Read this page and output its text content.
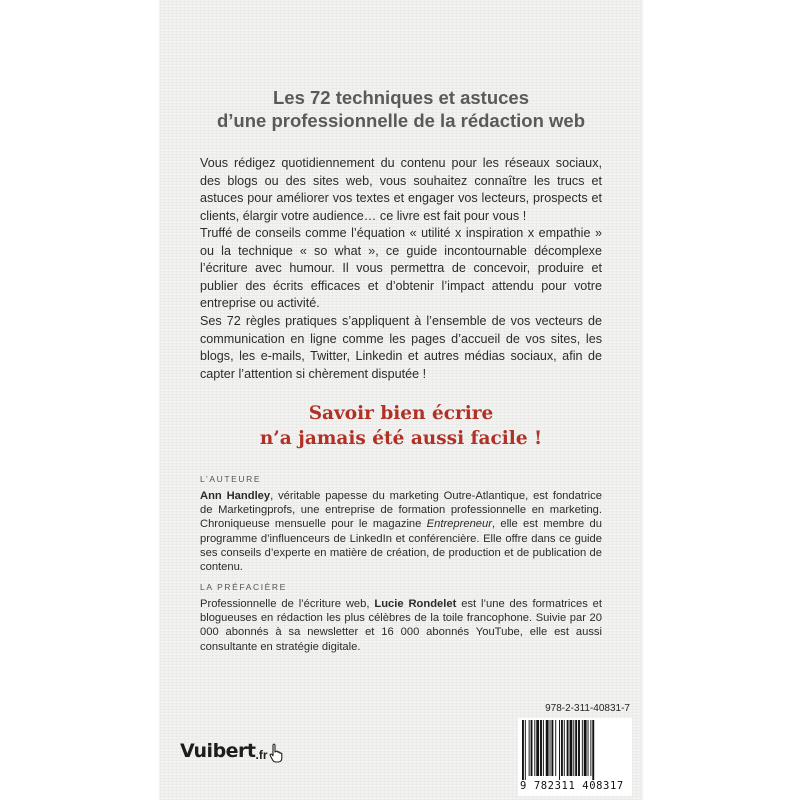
Les 72 techniques et astuces
d’une professionnelle de la rédaction web

Vous rédigez quotidiennement du contenu pour les réseaux sociaux, des blogs ou des sites web, vous souhaitez connaître les trucs et astuces pour améliorer vos textes et engager vos lecteurs, prospects et clients, élargir votre audience… ce livre est fait pour vous !

Truffé de conseils comme l’équation « utilité x inspiration x empathie » ou la technique « so what », ce guide incontournable décomplexe l’écriture avec humour. Il vous permettra de concevoir, produire et publier des écrits efficaces et d’obtenir l’impact attendu pour votre entreprise ou activité.

Ses 72 règles pratiques s’appliquent à l’ensemble de vos vecteurs de communication en ligne comme les pages d’accueil de vos sites, les blogs, les e-mails, Twitter, Linkedin et autres médias sociaux, afin de capter l’attention si chèrement disputée !

Savoir bien écrire
n’a jamais été aussi facile !
L’AUTEURE

Ann Handley, véritable papesse du marketing Outre-Atlantique, est fondatrice de Marketingprofs, une entreprise de formation professionnelle en marketing. Chroniqueuse mensuelle pour le magazine Entrepreneur, elle est membre du programme d’influenceurs de LinkedIn et conférencière. Elle offre dans ce guide ses conseils d’experte en matière de création, de production et de publication de contenu.

LA PRÉFACIÈRE

Professionnelle de l’écriture web, Lucie Rondelet est l’une des formatrices et blogueuses en rédaction les plus célèbres de la toile francophone. Suivie par 20 000 abonnés à sa newsletter et 16 000 abonnés YouTube, elle est aussi consultante en stratégie digitale.

Vuibert .fr
978-2-311-40831-7
9 782311 408317
